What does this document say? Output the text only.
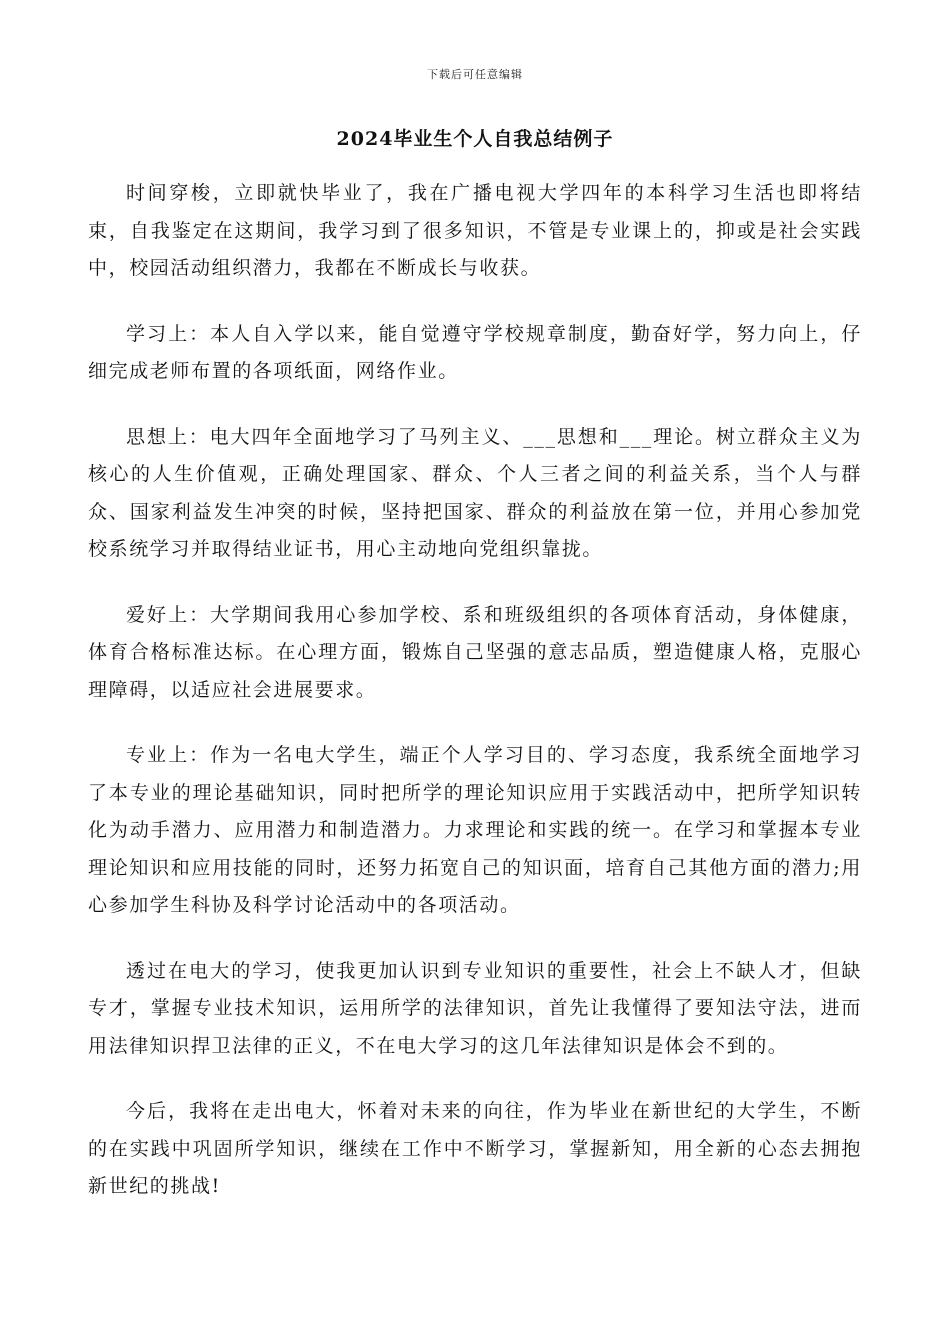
下载后可任意编辑
2024毕业生个人自我总结例子

时间穿梭，立即就快毕业了，我在广播电视大学四年的本科学习生活也即将结束，自我鉴定在这期间，我学习到了很多知识，不管是专业课上的，抑或是社会实践中，校园活动组织潜力，我都在不断成长与收获。

学习上：本人自入学以来，能自觉遵守学校规章制度，勤奋好学，努力向上，仔细完成老师布置的各项纸面，网络作业。

思想上：电大四年全面地学习了马列主义、___思想和___理论。树立群众主义为核心的人生价值观，正确处理国家、群众、个人三者之间的利益关系，当个人与群众、国家利益发生冲突的时候，坚持把国家、群众的利益放在第一位，并用心参加党校系统学习并取得结业证书，用心主动地向党组织靠拢。

爱好上：大学期间我用心参加学校、系和班级组织的各项体育活动，身体健康，体育合格标准达标。在心理方面，锻炼自己坚强的意志品质，塑造健康人格，克服心理障碍，以适应社会进展要求。

专业上：作为一名电大学生，端正个人学习目的、学习态度，我系统全面地学习了本专业的理论基础知识，同时把所学的理论知识应用于实践活动中，把所学知识转化为动手潜力、应用潜力和制造潜力。力求理论和实践的统一。在学习和掌握本专业理论知识和应用技能的同时，还努力拓宽自己的知识面，培育自己其他方面的潜力;用心参加学生科协及科学讨论活动中的各项活动。

透过在电大的学习，使我更加认识到专业知识的重要性，社会上不缺人才，但缺专才，掌握专业技术知识，运用所学的法律知识，首先让我懂得了要知法守法，进而用法律知识捍卫法律的正义，不在电大学习的这几年法律知识是体会不到的。

今后，我将在走出电大，怀着对未来的向往，作为毕业在新世纪的大学生，不断的在实践中巩固所学知识，继续在工作中不断学习，掌握新知，用全新的心态去拥抱新世纪的挑战!
